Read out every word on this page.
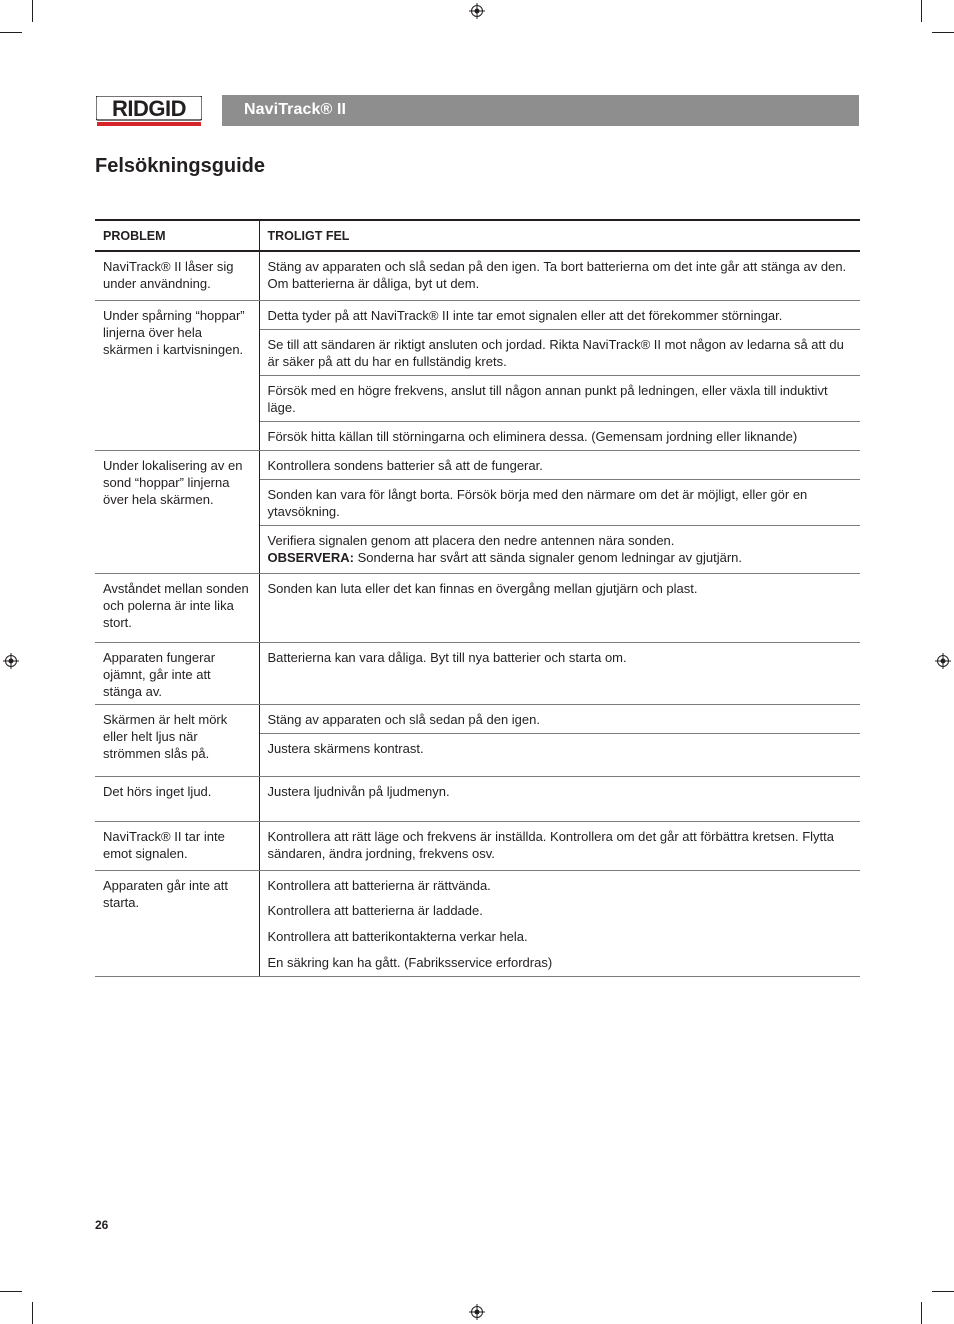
RIDGID	NaviTrack® II
Felsökningsguide
PROBLEM	TROLIGT FEL
NaviTrack® II låser sig under användning.	Stäng av apparaten och slå sedan på den igen. Ta bort batterierna om det inte går att stänga av den. Om batterierna är dåliga, byt ut dem.
Under spårning “hoppar” linjerna över hela skärmen i kartvisningen.	Detta tyder på att NaviTrack® II inte tar emot signalen eller att det förekommer störningar.
	Se till att sändaren är riktigt ansluten och jordad. Rikta NaviTrack® II mot någon av ledarna så att du är säker på att du har en fullständig krets.
	Försök med en högre frekvens, anslut till någon annan punkt på ledningen, eller växla till induktivt läge.
	Försök hitta källan till störningarna och eliminera dessa. (Gemensam jordning eller liknande)
Under lokalisering av en sond “hoppar” linjerna över hela skärmen.	Kontrollera sondens batterier så att de fungerar.
	Sonden kan vara för långt borta. Försök börja med den närmare om det är möjligt, eller gör en ytavsökning.
	Verifiera signalen genom att placera den nedre antennen nära sonden.
OBSERVERA: Sonderna har svårt att sända signaler genom ledningar av gjutjärn.
Avståndet mellan sonden och polerna är inte lika stort.	Sonden kan luta eller det kan finnas en övergång mellan gjutjärn och plast.
Apparaten fungerar ojämnt, går inte att stänga av.	Batterierna kan vara dåliga. Byt till nya batterier och starta om.
Skärmen är helt mörk eller helt ljus när strömmen slås på.	Stäng av apparaten och slå sedan på den igen.
	Justera skärmens kontrast.
Det hörs inget ljud.	Justera ljudnivån på ljudmenyn.
NaviTrack® II tar inte emot signalen.	Kontrollera att rätt läge och frekvens är inställda. Kontrollera om det går att förbättra kretsen. Flytta sändaren, ändra jordning, frekvens osv.
Apparaten går inte att starta.	Kontrollera att batterierna är rättvända.
	Kontrollera att batterierna är laddade.
	Kontrollera att batterikontakterna verkar hela.
	En säkring kan ha gått. (Fabriksservice erfordras)
26
